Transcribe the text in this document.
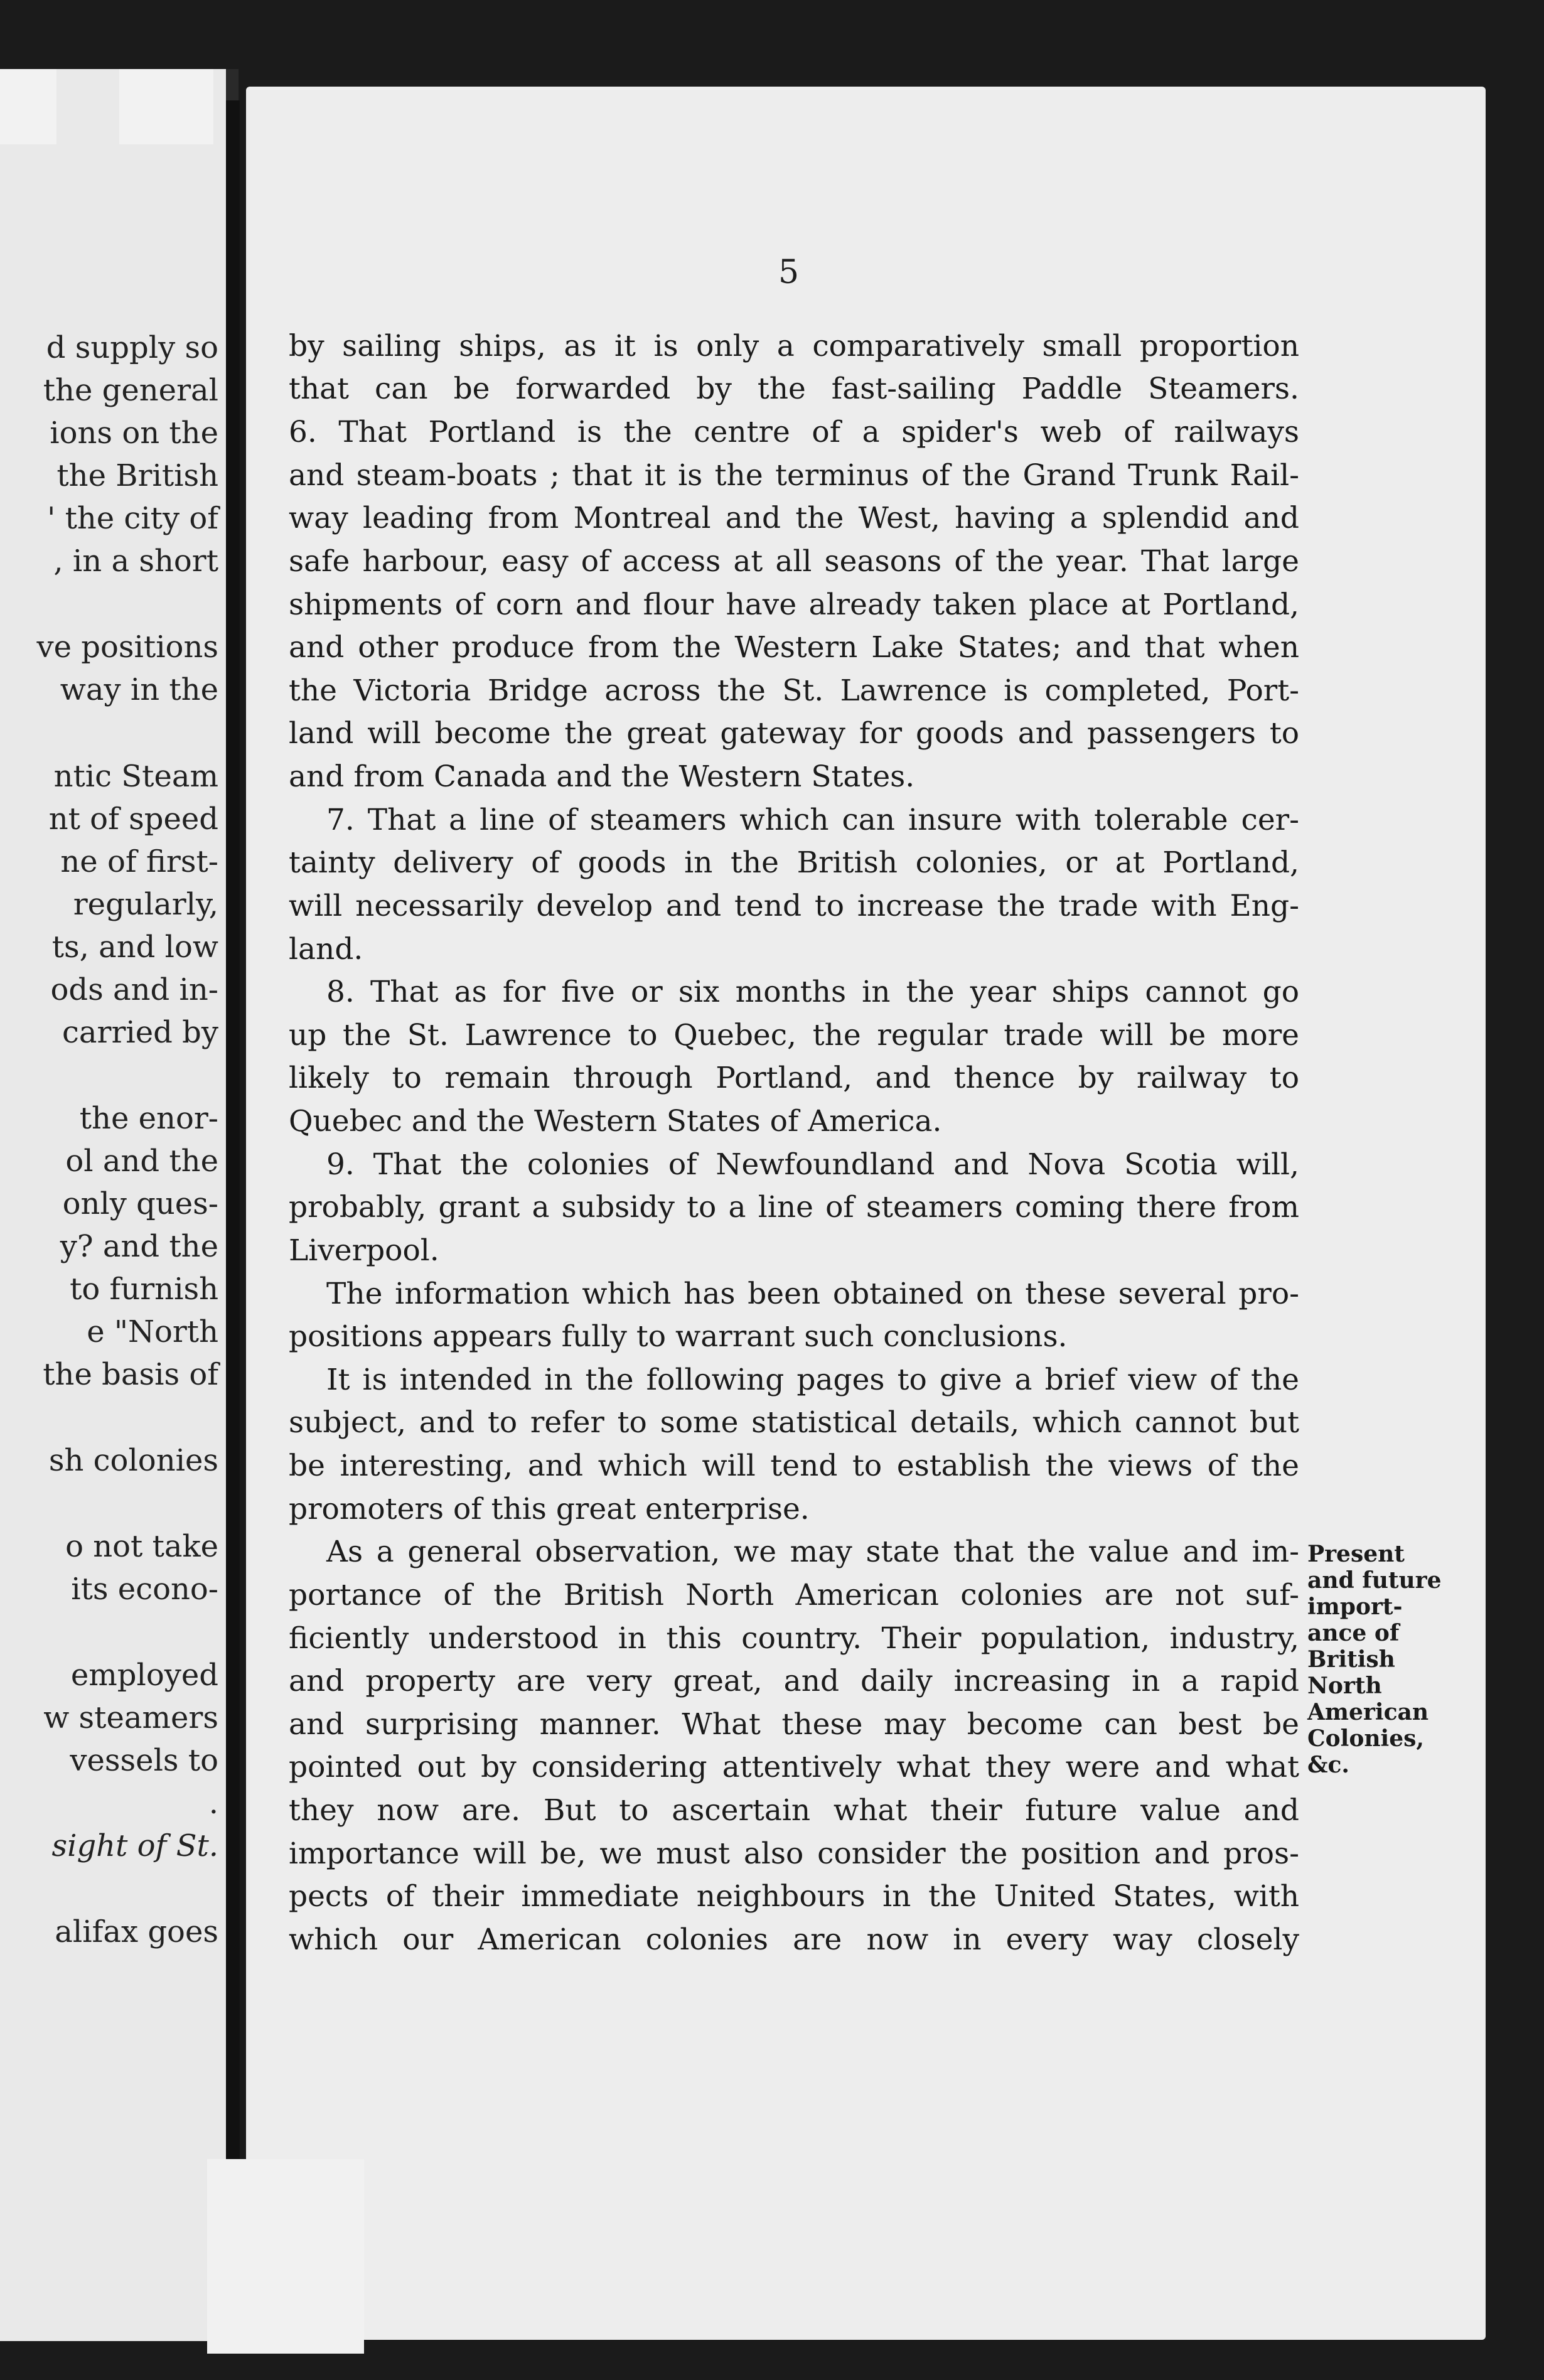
d supply so
the general
ions on the
the British
' the city of
, in a short
ve positions
way in the
ntic Steam
nt of speed
ne of first-
regularly,
ts, and low
ods and in-
carried by
the enor-
ol and the
only ques-
y? and the
to furnish
e "North
the basis of
sh colonies
o not take
its econo-
employed
w steamers
vessels to
.
sight of St.
alifax goes
5
by sailing ships, as it is only a comparatively small proportion
that can be forwarded by the fast-sailing Paddle Steamers.
6. That Portland is the centre of a spider's web of railways
and steam-boats ; that it is the terminus of the Grand Trunk Rail-
way leading from Montreal and the West, having a splendid and
safe harbour, easy of access at all seasons of the year. That large
shipments of corn and flour have already taken place at Portland,
and other produce from the Western Lake States; and that when
the Victoria Bridge across the St. Lawrence is completed, Port-
land will become the great gateway for goods and passengers to
and from Canada and the Western States.
7. That a line of steamers which can insure with tolerable cer-
tainty delivery of goods in the British colonies, or at Portland,
will necessarily develop and tend to increase the trade with Eng-
land.
8. That as for five or six months in the year ships cannot go
up the St. Lawrence to Quebec, the regular trade will be more
likely to remain through Portland, and thence by railway to
Quebec and the Western States of America.
9. That the colonies of Newfoundland and Nova Scotia will,
probably, grant a subsidy to a line of steamers coming there from
Liverpool.
The information which has been obtained on these several pro-
positions appears fully to warrant such conclusions.
It is intended in the following pages to give a brief view of the
subject, and to refer to some statistical details, which cannot but
be interesting, and which will tend to establish the views of the
promoters of this great enterprise.
As a general observation, we may state that the value and im-
portance of the British North American colonies are not suf-
ficiently understood in this country. Their population, industry,
and property are very great, and daily increasing in a rapid
and surprising manner. What these may become can best be
pointed out by considering attentively what they were and what
they now are. But to ascertain what their future value and
importance will be, we must also consider the position and pros-
pects of their immediate neighbours in the United States, with
which our American colonies are now in every way closely
Present
and future
import-
ance of
British
North
American
Colonies,
&c.
